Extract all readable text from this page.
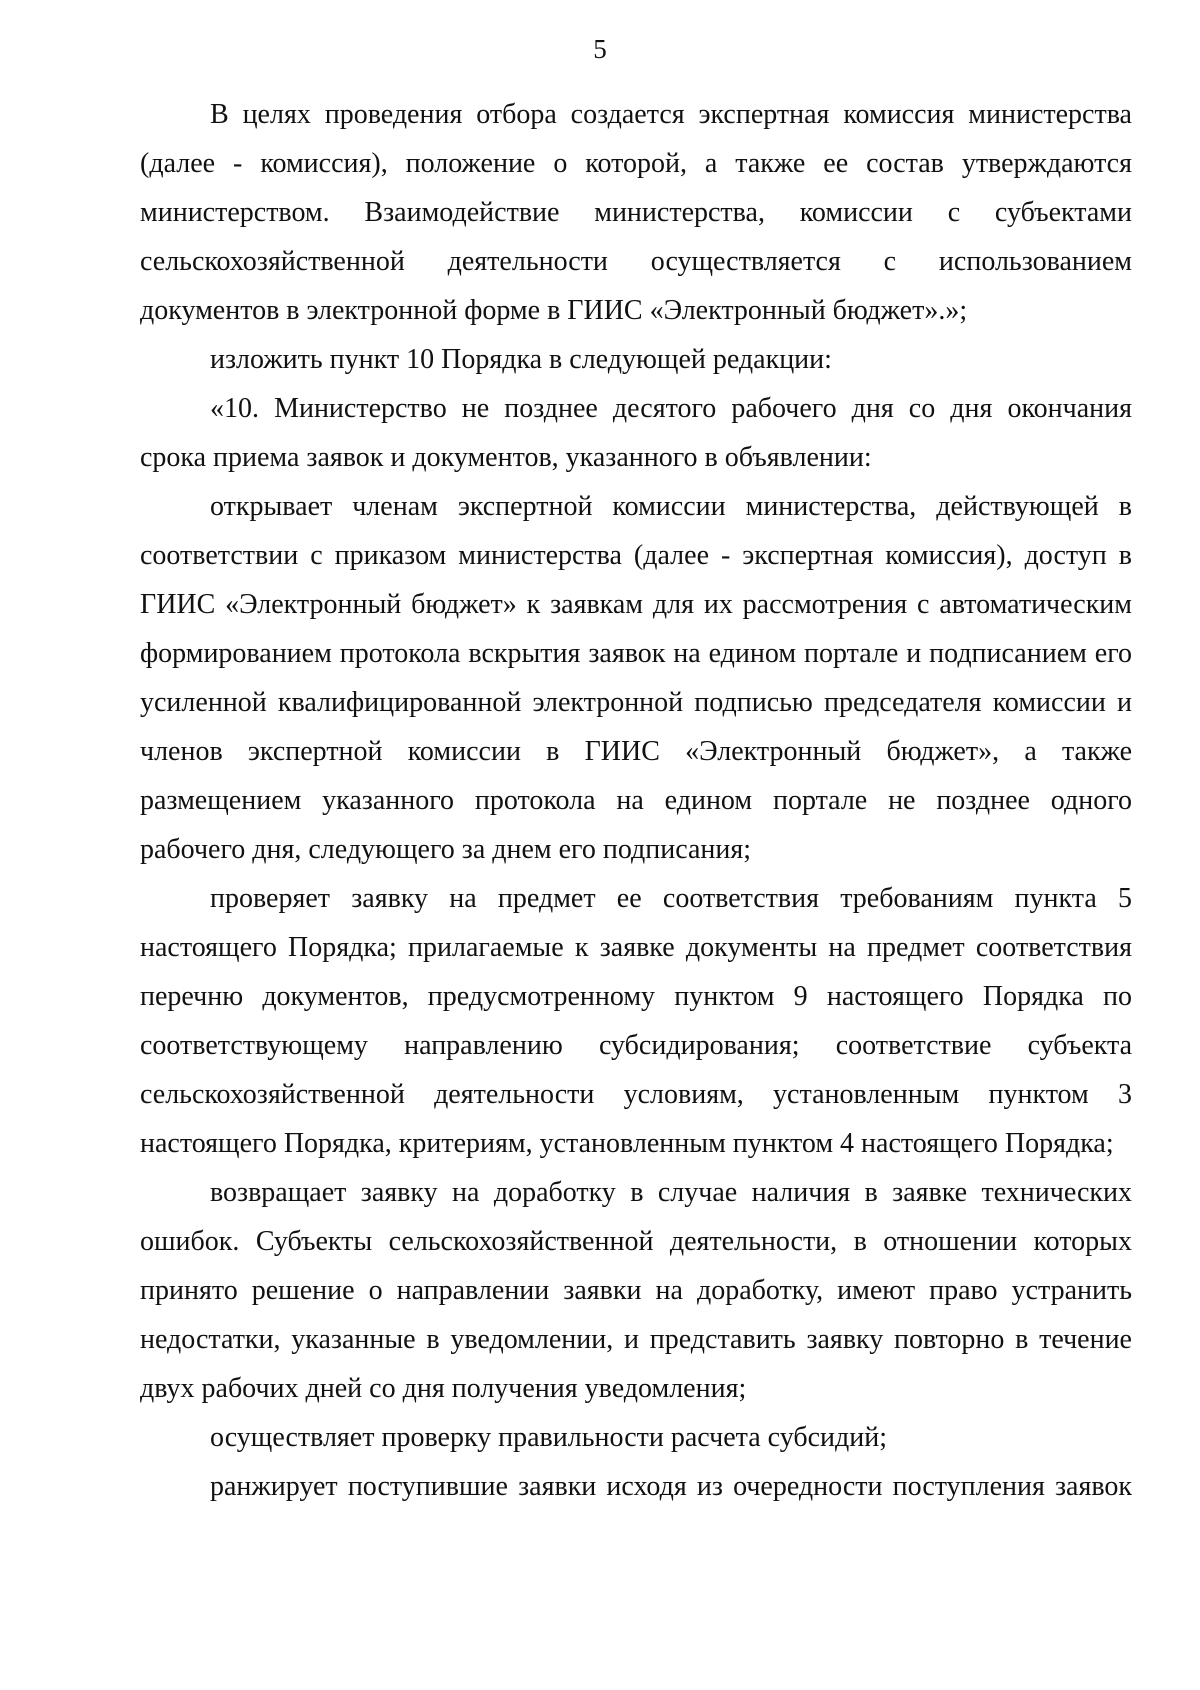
5

В целях проведения отбора создается экспертная комиссия министерства (далее - комиссия), положение о которой, а также ее состав утверждаются министерством. Взаимодействие министерства, комиссии с субъектами сельскохозяйственной деятельности осуществляется с использованием документов в электронной форме в ГИИС «Электронный бюджет».»;

изложить пункт 10 Порядка в следующей редакции:

«10. Министерство не позднее десятого рабочего дня со дня окончания срока приема заявок и документов, указанного в объявлении:

открывает членам экспертной комиссии министерства, действующей в соответствии с приказом министерства (далее - экспертная комиссия), доступ в ГИИС «Электронный бюджет» к заявкам для их рассмотрения с автоматическим формированием протокола вскрытия заявок на едином портале и подписанием его усиленной квалифицированной электронной подписью председателя комиссии и членов экспертной комиссии в ГИИС «Электронный бюджет», а также размещением указанного протокола на едином портале не позднее одного рабочего дня, следующего за днем его подписания;

проверяет заявку на предмет ее соответствия требованиям пункта 5 настоящего Порядка; прилагаемые к заявке документы на предмет соответствия перечню документов, предусмотренному пунктом 9 настоящего Порядка по соответствующему направлению субсидирования; соответствие субъекта сельскохозяйственной деятельности условиям, установленным пунктом 3 настоящего Порядка, критериям, установленным пунктом 4 настоящего Порядка;

возвращает заявку на доработку в случае наличия в заявке технических ошибок. Субъекты сельскохозяйственной деятельности, в отношении которых принято решение о направлении заявки на доработку, имеют право устранить недостатки, указанные в уведомлении, и представить заявку повторно в течение двух рабочих дней со дня получения уведомления;

осуществляет проверку правильности расчета субсидий;

ранжирует поступившие заявки исходя из очередности поступления заявок
